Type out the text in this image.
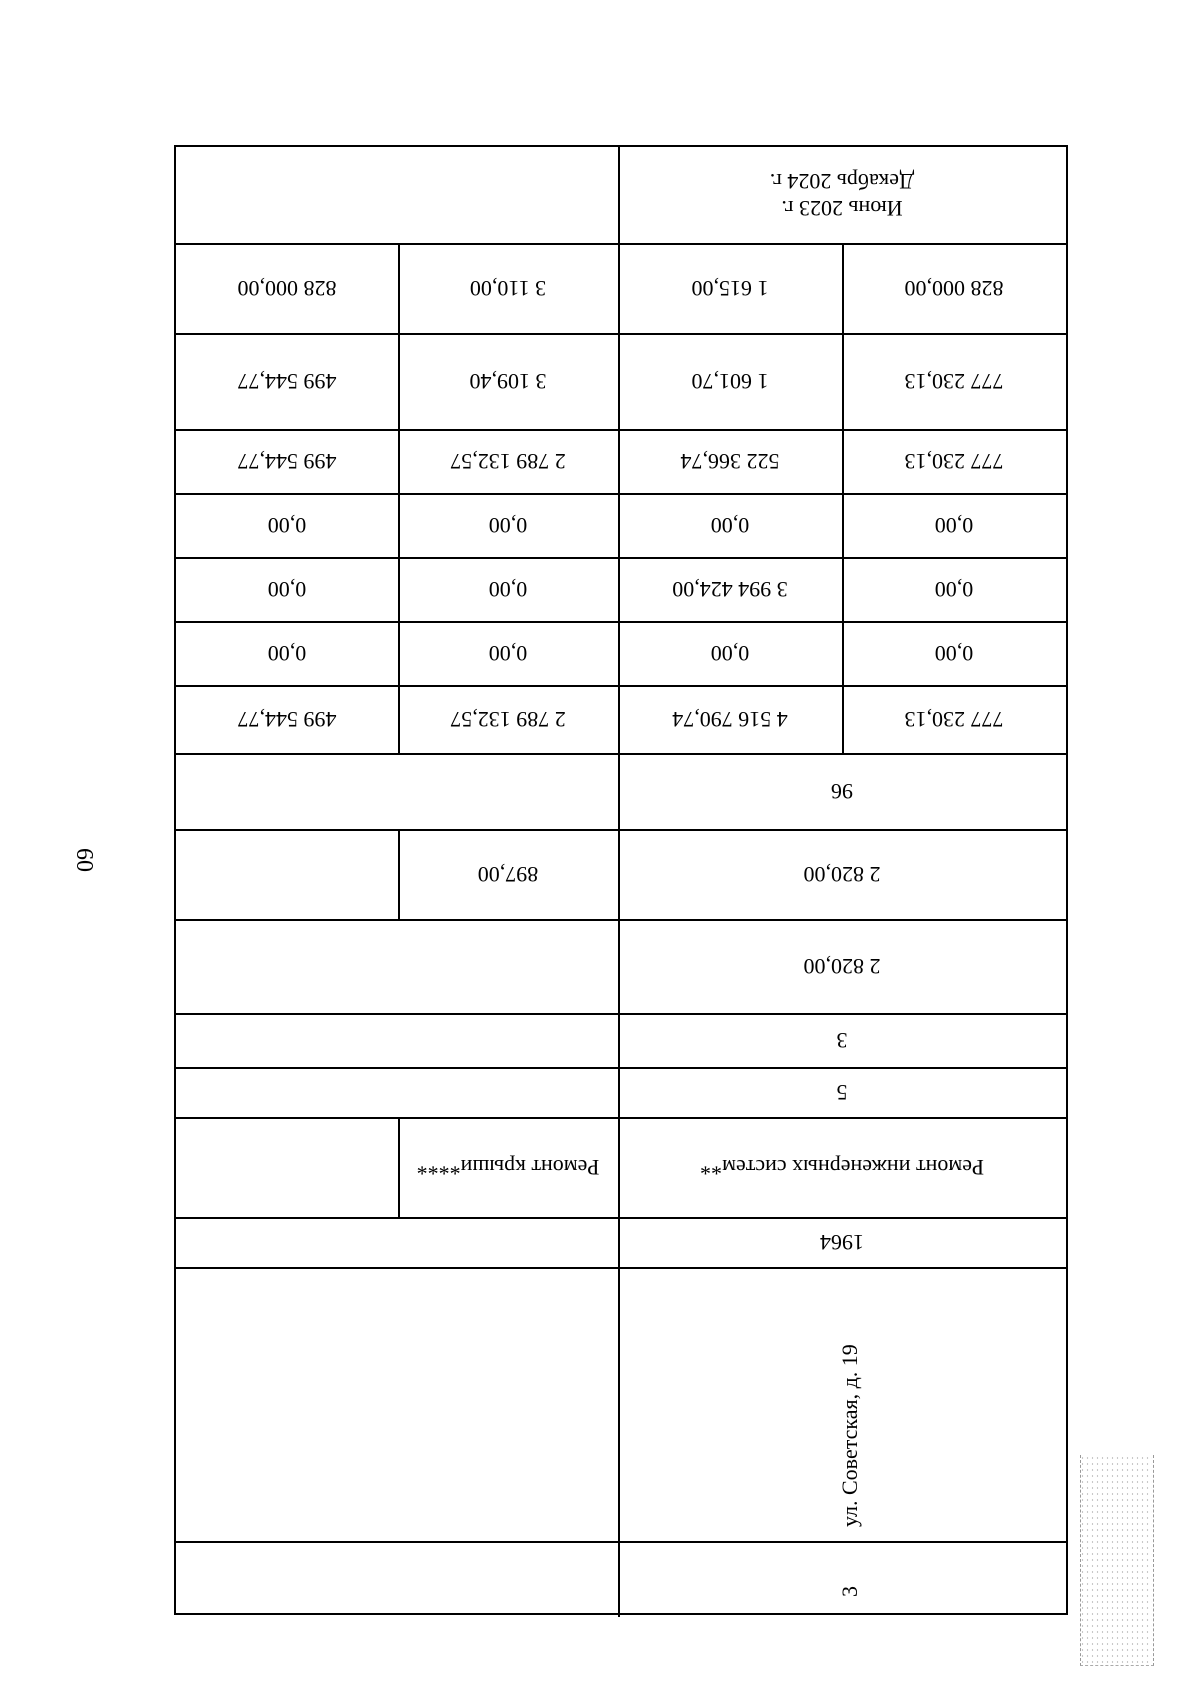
60
Июнь 2023 г.
Декабрь 2024 г.
828 000,00
1 615,00
3 110,00
828 000,00
777 230,13
1 601,70
3 109,40
499 544,77
777 230,13
522 366,74
2 789 132,57
499 544,77
0,00
0,00
0,00
0,00
0,00
3 994 424,00
0,00
0,00
0,00
0,00
0,00
0,00
777 230,13
4 516 790,74
2 789 132,57
499 544,77
96
2 820,00
897,00
2 820,00
3
5
Ремонт инженерных систем**
Ремонт крыши****
1964
ул. Советская, д. 19
3
